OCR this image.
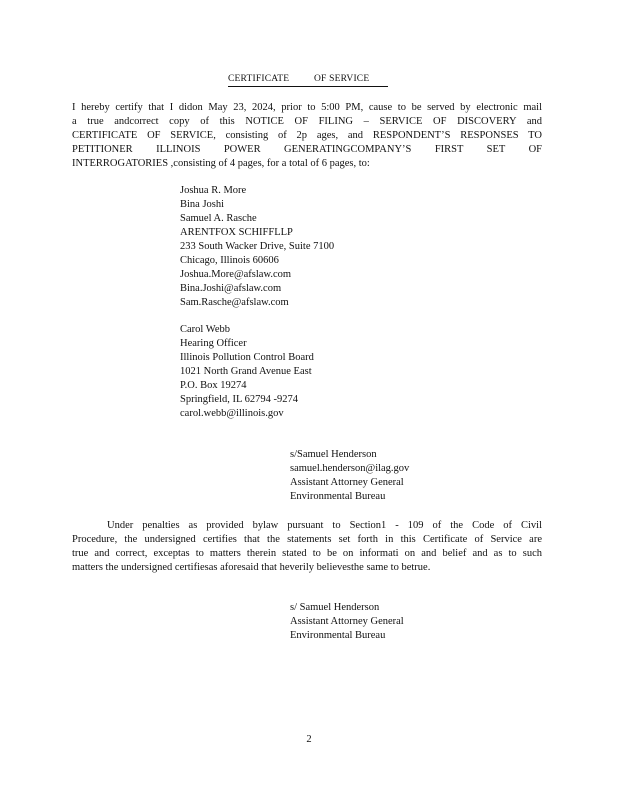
CERTIFICATE	OF SERVICE

I hereby certify that I didon May 23, 2024, prior to 5:00 PM, cause to be served by electronic mail

a true andcorrect copy of this NOTICE OF FILING – SERVICE OF DISCOVERY and

CERTIFICATE OF SERVICE, consisting of 2p ages, and RESPONDENT’S RESPONSES TO

PETITIONER ILLINOIS POWER GENERATINGCOMPANY’S FIRST SET OF

INTERROGATORIES ,consisting of 4 pages, for a total of 6 pages, to:

Joshua R. More
Bina Joshi
Samuel A. Rasche
ARENTFOX SCHIFFLLP
233 South Wacker Drive, Suite 7100
Chicago, Illinois 60606
Joshua.More@afslaw.com
Bina.Joshi@afslaw.com
Sam.Rasche@afslaw.com
Carol Webb
Hearing Officer
Illinois Pollution Control Board
1021 North Grand Avenue East
P.O. Box 19274
Springfield, IL 62794 -9274
carol.webb@illinois.gov
s/Samuel Henderson
samuel.henderson@ilag.gov
Assistant Attorney General
Environmental Bureau

Under penalties as provided bylaw pursuant to Section1 - 109 of the Code of Civil

Procedure, the undersigned certifies that the statements set forth in this Certificate of Service are

true and correct, exceptas to matters therein stated to be on informati on and belief and as to such

matters the undersigned certifiesas aforesaid that heverily believesthe same to betrue.

s/ Samuel Henderson
Assistant Attorney General
Environmental Bureau
2
